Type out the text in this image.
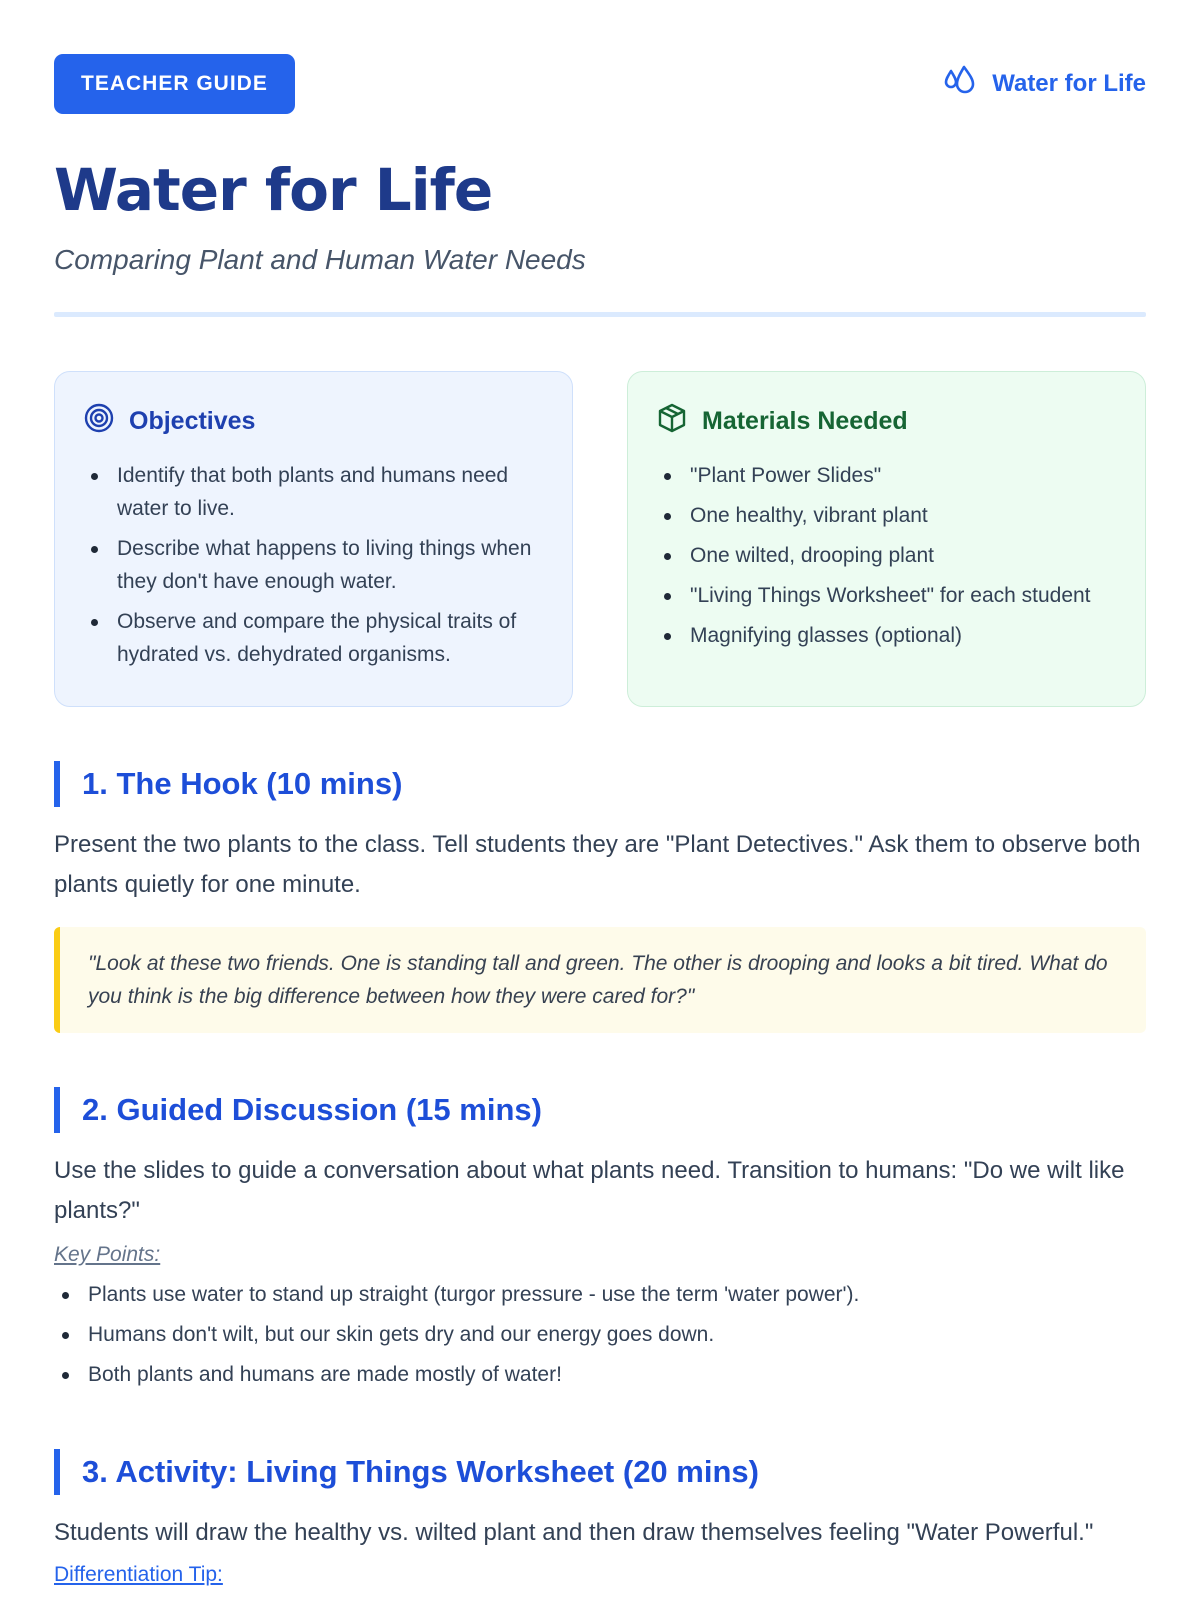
TEACHER GUIDE	Water for Life
Water for Life
Comparing Plant and Human Water Needs
Objectives
Identify that both plants and humans need water to live.
Describe what happens to living things when they don't have enough water.
Observe and compare the physical traits of hydrated vs. dehydrated organisms.
Materials Needed
"Plant Power Slides"
One healthy, vibrant plant
One wilted, drooping plant
"Living Things Worksheet" for each student
Magnifying glasses (optional)
1. The Hook (10 mins)

Present the two plants to the class. Tell students they are "Plant Detectives." Ask them to observe both plants quietly for one minute.

"Look at these two friends. One is standing tall and green. The other is drooping and looks a bit tired. What do you think is the big difference between how they were cared for?"
2. Guided Discussion (15 mins)

Use the slides to guide a conversation about what plants need. Transition to humans: "Do we wilt like plants?"

Key Points:
Plants use water to stand up straight (turgor pressure - use the term 'water power').
Humans don't wilt, but our skin gets dry and our energy goes down.
Both plants and humans are made mostly of water!
3. Activity: Living Things Worksheet (20 mins)

Students will draw the healthy vs. wilted plant and then draw themselves feeling "Water Powerful."

Differentiation Tip:
